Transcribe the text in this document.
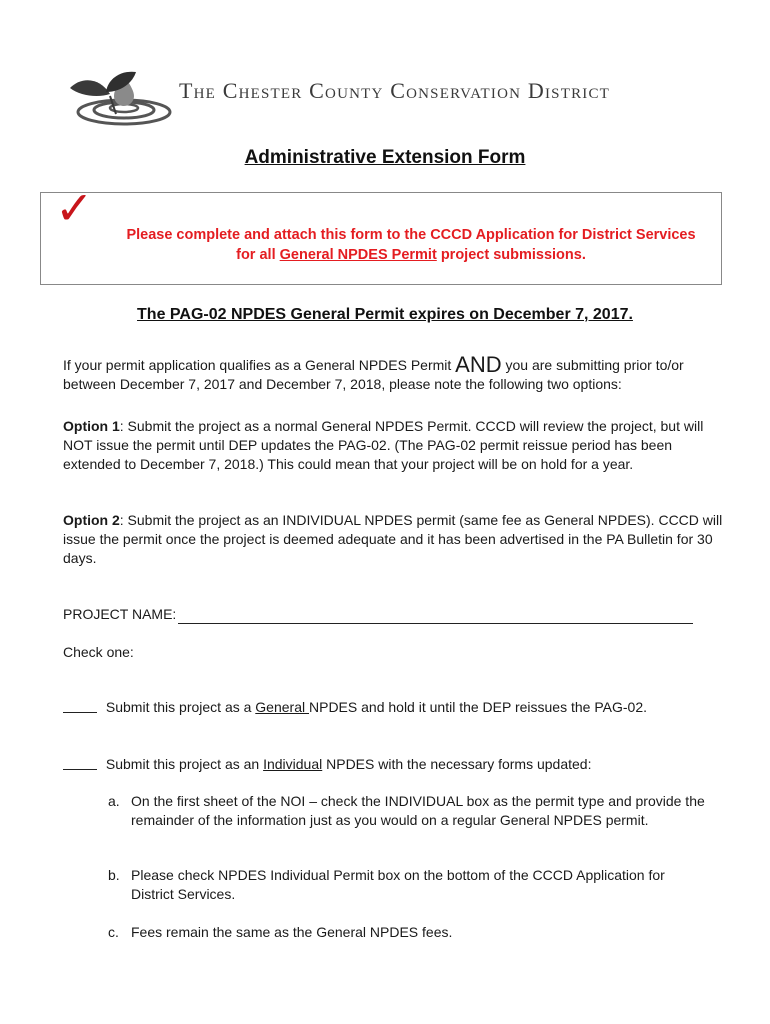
The Chester County Conservation District
Administrative Extension Form
✓	Please complete and attach this form to the CCCD Application for District Services
for all General NPDES Permit project submissions.
The PAG-02 NPDES General Permit expires on December 7, 2017.
If your permit application qualifies as a General NPDES Permit AND you are submitting prior to/or between December 7, 2017 and December 7, 2018, please note the following two options:
Option 1: Submit the project as a normal General NPDES Permit. CCCD will review the project, but will NOT issue the permit until DEP updates the PAG-02. (The PAG-02 permit reissue period has been extended to December 7, 2018.) This could mean that your project will be on hold for a year.
Option 2: Submit the project as an INDIVIDUAL NPDES permit (same fee as General NPDES). CCCD will issue the permit once the project is deemed adequate and it has been advertised in the PA Bulletin for 30 days.
PROJECT NAME:
Check one:
Submit this project as a General NPDES and hold it until the DEP reissues the PAG-02.
Submit this project as an Individual NPDES with the necessary forms updated:
a. On the first sheet of the NOI – check the INDIVIDUAL box as the permit type and provide the remainder of the information just as you would on a regular General NPDES permit.
b. Please check NPDES Individual Permit box on the bottom of the CCCD Application for District Services.
c. Fees remain the same as the General NPDES fees.
